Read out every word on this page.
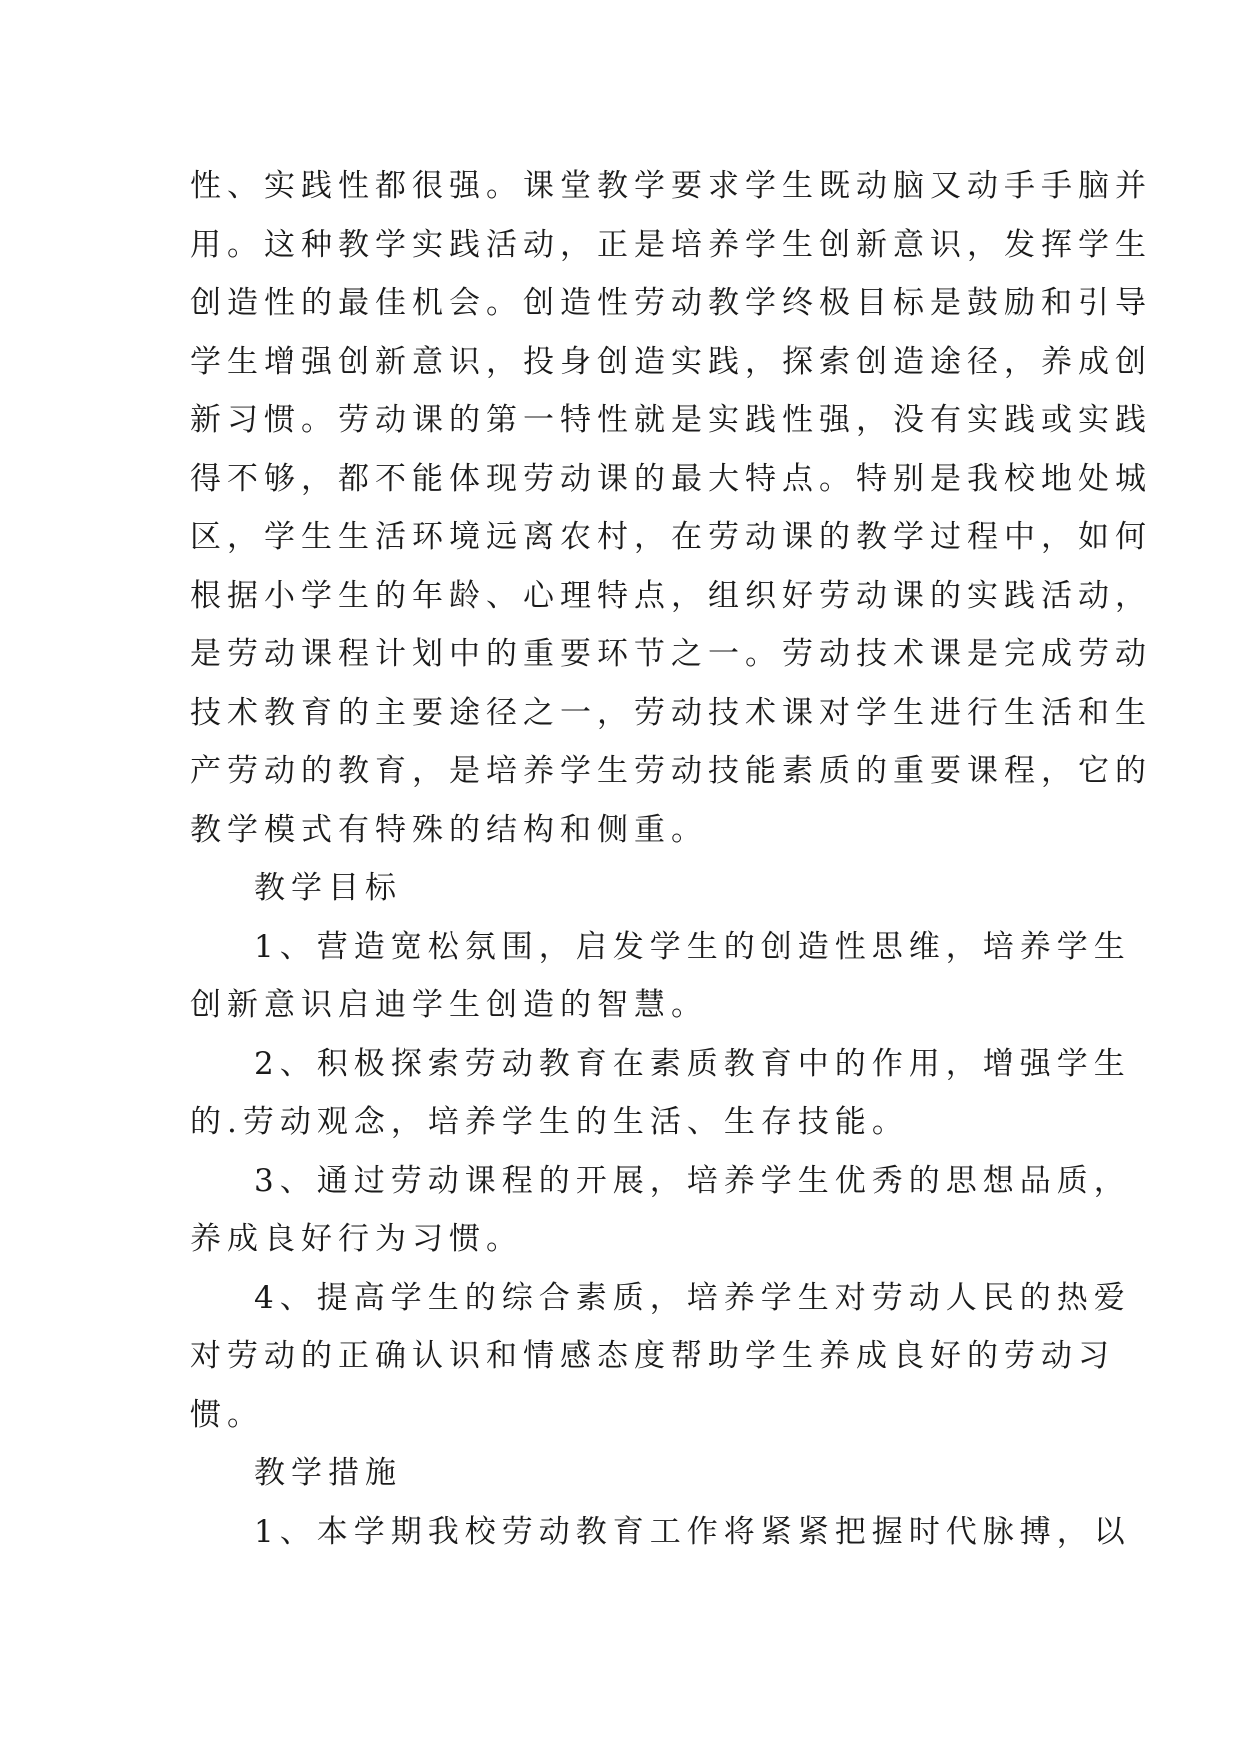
性、实践性都很强。课堂教学要求学生既动脑又动手手脑并
用。这种教学实践活动，正是培养学生创新意识，发挥学生
创造性的最佳机会。创造性劳动教学终极目标是鼓励和引导
学生增强创新意识，投身创造实践，探索创造途径，养成创
新习惯。劳动课的第一特性就是实践性强，没有实践或实践
得不够，都不能体现劳动课的最大特点。特别是我校地处城
区，学生生活环境远离农村，在劳动课的教学过程中，如何
根据小学生的年龄、心理特点，组织好劳动课的实践活动，
是劳动课程计划中的重要环节之一。劳动技术课是完成劳动
技术教育的主要途径之一，劳动技术课对学生进行生活和生
产劳动的教育，是培养学生劳动技能素质的重要课程，它的
教学模式有特殊的结构和侧重。
教学目标
1、营造宽松氛围，启发学生的创造性思维，培养学生
创新意识启迪学生创造的智慧。
2、积极探索劳动教育在素质教育中的作用，增强学生
的.劳动观念，培养学生的生活、生存技能。
3、通过劳动课程的开展，培养学生优秀的思想品质，
养成良好行为习惯。
4、提高学生的综合素质，培养学生对劳动人民的热爱
对劳动的正确认识和情感态度帮助学生养成良好的劳动习
惯。
教学措施
1、本学期我校劳动教育工作将紧紧把握时代脉搏，以
